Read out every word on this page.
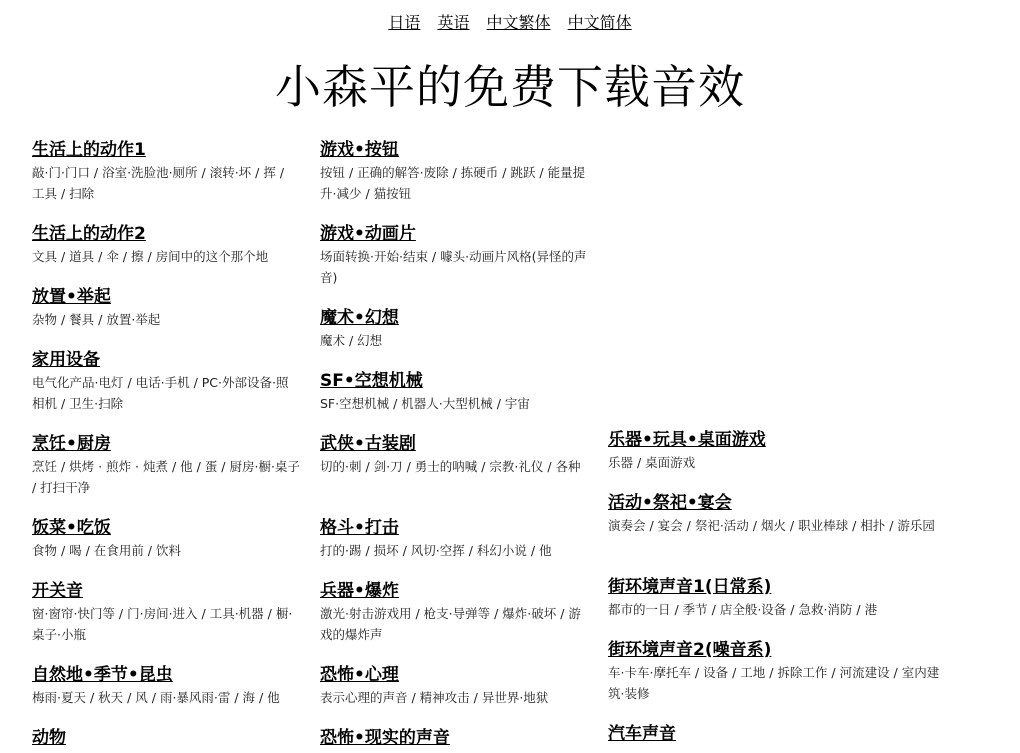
日语 英语 中文繁体 中文简体
小森平的免费下载音效
生活上的动作1
敲·门·门口 / 浴室·洗脸池·厕所 / 滚转·坏 / 挥 / 工具 / 扫除
生活上的动作2
文具 / 道具 / 伞 / 擦 / 房间中的这个那个地
放置•举起
杂物 / 餐具 / 放置·举起
家用设备
电气化产品·电灯 / 电话·手机 / PC·外部设备·照相机 / 卫生·扫除
烹饪•厨房
烹饪 / 烘烤 · 煎炸 · 炖煮 / 他 / 蛋 / 厨房·橱·桌子 / 打扫干净
饭菜•吃饭
食物 / 喝 / 在食用前 / 饮料
开关音
窗·窗帘·快门等 / 门·房间·进入 / 工具·机器 / 橱·桌子·小瓶
自然地•季节•昆虫
梅雨·夏天 / 秋天 / 风 / 雨·暴风雨·雷 / 海 / 他
动物
游戏•按钮
按钮 / 正确的解答·废除 / 拣硬币 / 跳跃 / 能量提升·减少 / 猫按钮
游戏•动画片
场面转换·开始·结束 / 噱头·动画片风格(异怪的声音)
魔术•幻想
魔术 / 幻想
SF•空想机械
SF·空想机械 / 机器人·大型机械 / 宇宙
武侠•古装剧
切的·刺 / 剑·刀 / 勇士的呐喊 / 宗教·礼仪 / 各种
格斗•打击
打的·踢 / 损坏 / 风切·空挥 / 科幻小说 / 他
兵器•爆炸
激光·射击游戏用 / 枪支·导弹等 / 爆炸·破坏 / 游戏的爆炸声
恐怖•心理
表示心理的声音 / 精神攻击 / 异世界·地狱
恐怖•现实的声音
乐器•玩具•桌面游戏
乐器 / 桌面游戏
活动•祭祀•宴会
演奏会 / 宴会 / 祭祀·活动 / 烟火 / 职业棒球 / 相扑 / 游乐园
街环境声音1(日常系)
都市的一日 / 季节 / 店全般·设备 / 急救·消防 / 港
街环境声音2(噪音系)
车·卡车·摩托车 / 设备 / 工地 / 拆除工作 / 河流建设 / 室内建筑·装修
汽车声音
